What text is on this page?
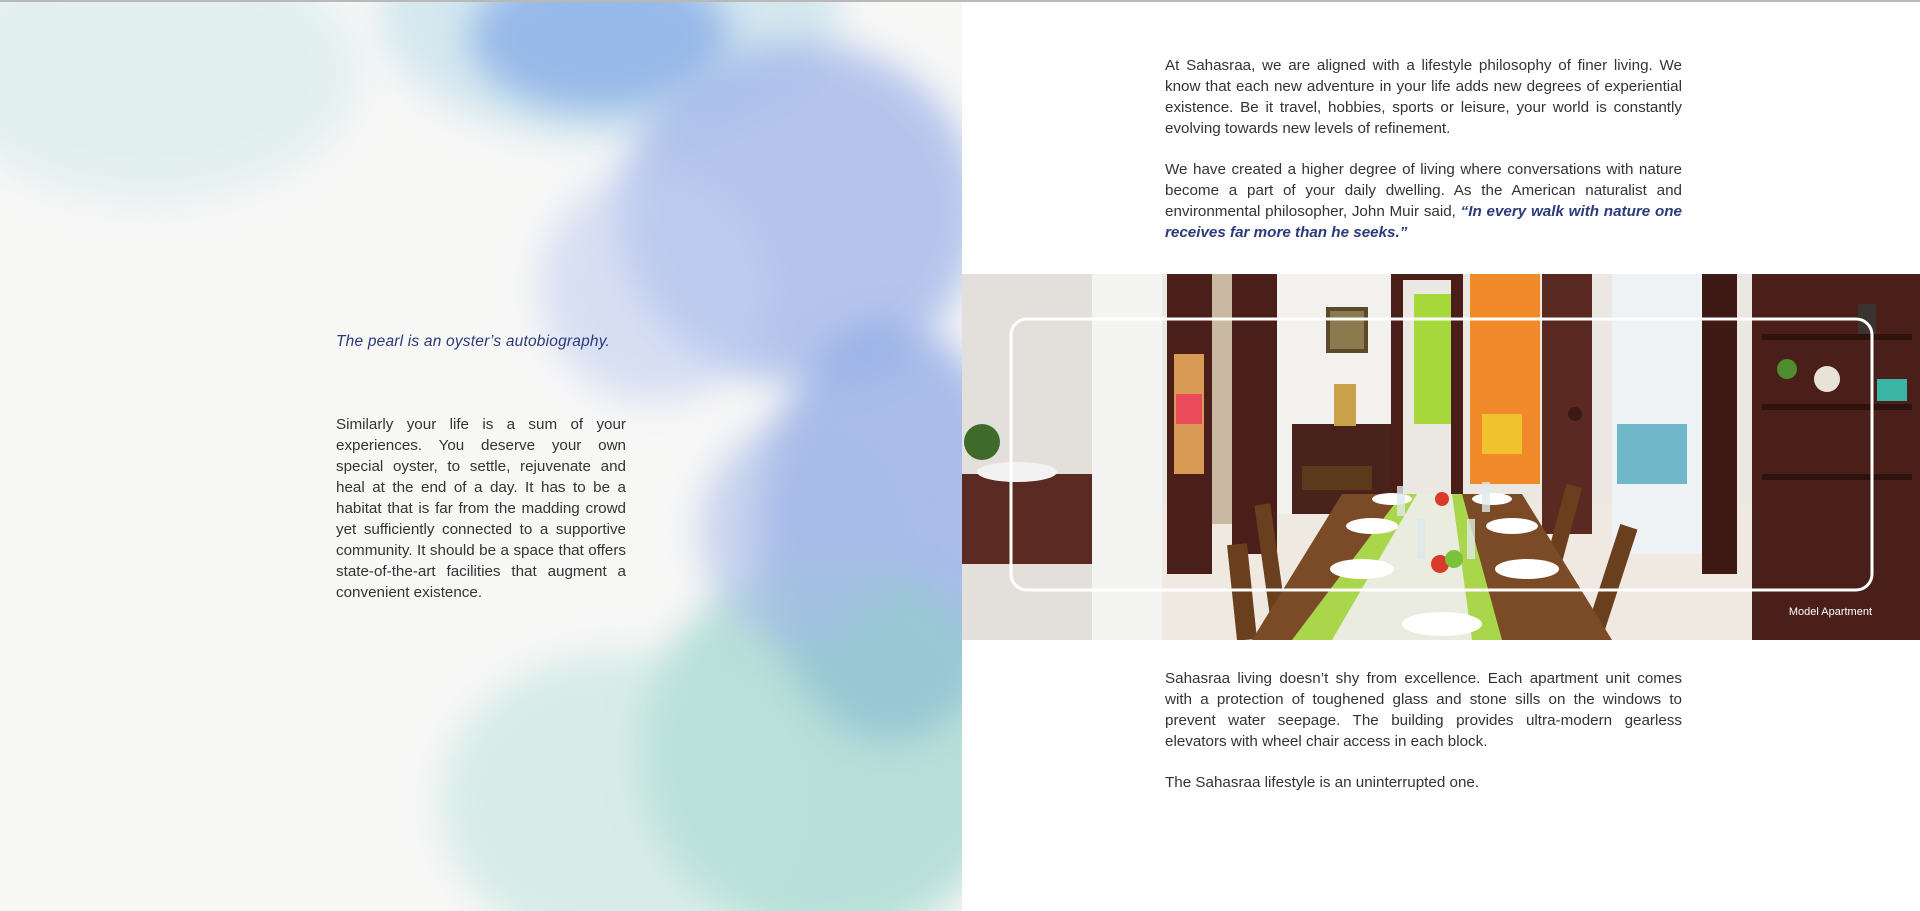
The pearl is an oyster’s autobiography.
Similarly your life is a sum of your experiences. You deserve your own special oyster, to settle, rejuvenate and heal at the end of a day. It has to be a habitat that is far from the madding crowd yet sufficiently connected to a supportive community. It should be a space that offers state-of-the-art facilities that augment a convenient existence.

At Sahasraa, we are aligned with a lifestyle philosophy of finer living. We know that each new adventure in your life adds new degrees of experiential existence. Be it travel, hobbies, sports or leisure, your world is constantly evolving towards new levels of refinement.

We have created a higher degree of living where conversations with nature become a part of your daily dwelling. As the American naturalist and environmental philosopher, John Muir said, “In every walk with nature one receives far more than he seeks.”

Model Apartment

Sahasraa living doesn’t shy from excellence. Each apartment unit comes with a protection of toughened glass and stone sills on the windows to prevent water seepage. The building provides ultra-modern gearless elevators with wheel chair access in each block.

The Sahasraa lifestyle is an uninterrupted one.
